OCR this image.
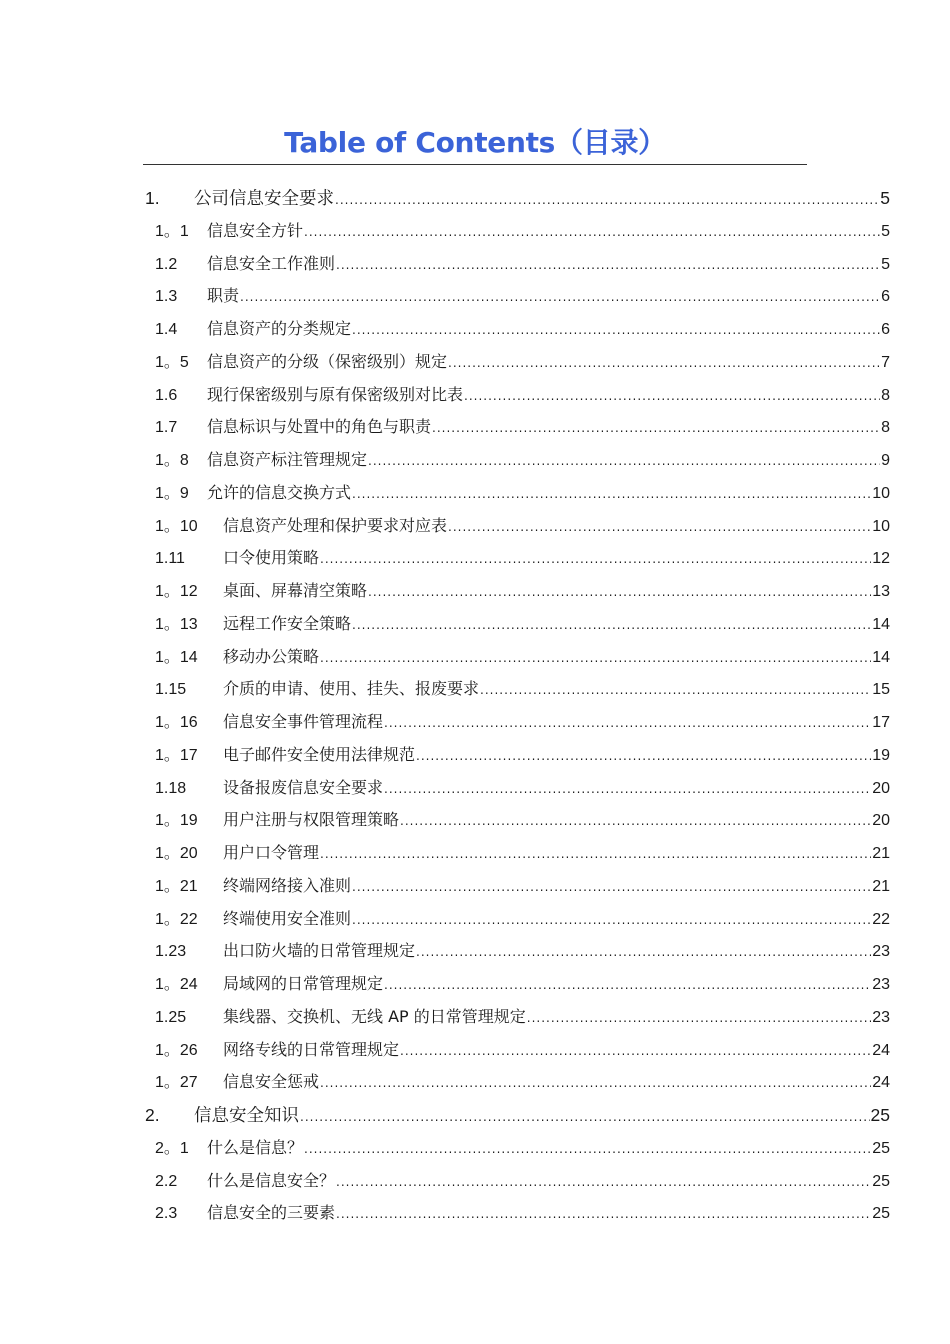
Table of Contents（目录）
1.	公司信息安全要求 .....	5
1。1	信息安全方针 .....	5
1.2	信息安全工作准则 .....	5
1.3	职责 .....	6
1.4	信息资产的分类规定 .....	6
1。5	信息资产的分级（保密级别）规定 .....	7
1.6	现行保密级别与原有保密级别对比表 .....	8
1.7	信息标识与处置中的角色与职责 .....	8
1。8	信息资产标注管理规定 .....	9
1。9	允许的信息交换方式 .....	10
1。10	信息资产处理和保护要求对应表 .....	10
1.11	口令使用策略 .....	12
1。12	桌面、屏幕清空策略 .....	13
1。13	远程工作安全策略 .....	14
1。14	移动办公策略 .....	14
1.15	介质的申请、使用、挂失、报废要求 .....	15
1。16	信息安全事件管理流程 .....	17
1。17	电子邮件安全使用法律规范 .....	19
1.18	设备报废信息安全要求 .....	20
1。19	用户注册与权限管理策略 .....	20
1。20	用户口令管理 .....	21
1。21	终端网络接入准则 .....	21
1。22	终端使用安全准则 .....	22
1.23	出口防火墙的日常管理规定 .....	23
1。24	局域网的日常管理规定 .....	23
1.25	集线器、交换机、无线 AP 的日常管理规定 .....	23
1。26	网络专线的日常管理规定 .....	24
1。27	信息安全惩戒 .....	24
2.	信息安全知识 .....	25
2。1	什么是信息？ .....	25
2.2	什么是信息安全？ .....	25
2.3	信息安全的三要素 .....	25
